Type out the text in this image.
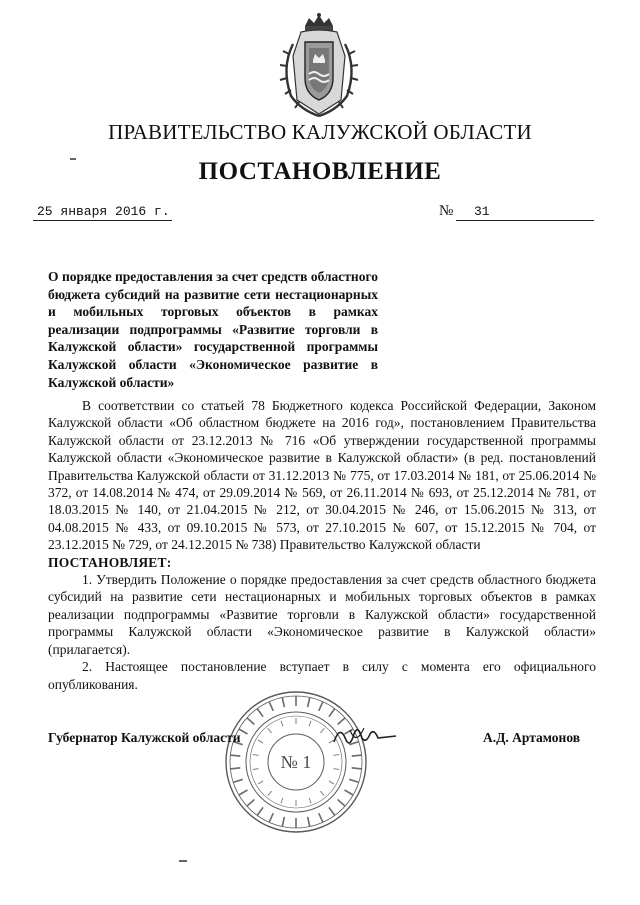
ПРАВИТЕЛЬСТВО КАЛУЖСКОЙ ОБЛАСТИ
ПОСТАНОВЛЕНИЕ
25 января 2016 г.	№	31
О порядке предоставления за счет средств областного бюджета субсидий на развитие сети нестационарных и мобильных торговых объектов в рамках реализации подпрограммы «Развитие торговли в Калужской области» государственной программы Калужской области «Экономическое развитие в Калужской области»

В соответствии со статьей 78 Бюджетного кодекса Российской Федерации, Законом Калужской области «Об областном бюджете на 2016 год», постановлением Правительства Калужской области от 23.12.2013 № 716 «Об утверждении государственной программы Калужской области «Экономическое развитие в Калужской области» (в ред. постановлений Правительства Калужской области от 31.12.2013 № 775, от 17.03.2014 № 181, от 25.06.2014 № 372, от 14.08.2014 № 474, от 29.09.2014 № 569, от 26.11.2014 № 693, от 25.12.2014 № 781, от 18.03.2015 № 140, от 21.04.2015 № 212, от 30.04.2015 № 246, от 15.06.2015 № 313, от 04.08.2015 № 433, от 09.10.2015 № 573, от 27.10.2015 № 607, от 15.12.2015 № 704, от 23.12.2015 № 729, от 24.12.2015 № 738) Правительство Калужской области

ПОСТАНОВЛЯЕТ:

1. Утвердить Положение о порядке предоставления за счет средств областного бюджета субсидий на развитие сети нестационарных и мобильных торговых объектов в рамках реализации подпрограммы «Развитие торговли в Калужской области» государственной программы Калужской области «Экономическое развитие в Калужской области» (прилагается).

2. Настоящее постановление вступает в силу с момента его официального опубликования.

№ 1
Губернатор Калужской области	А.Д. Артамонов
